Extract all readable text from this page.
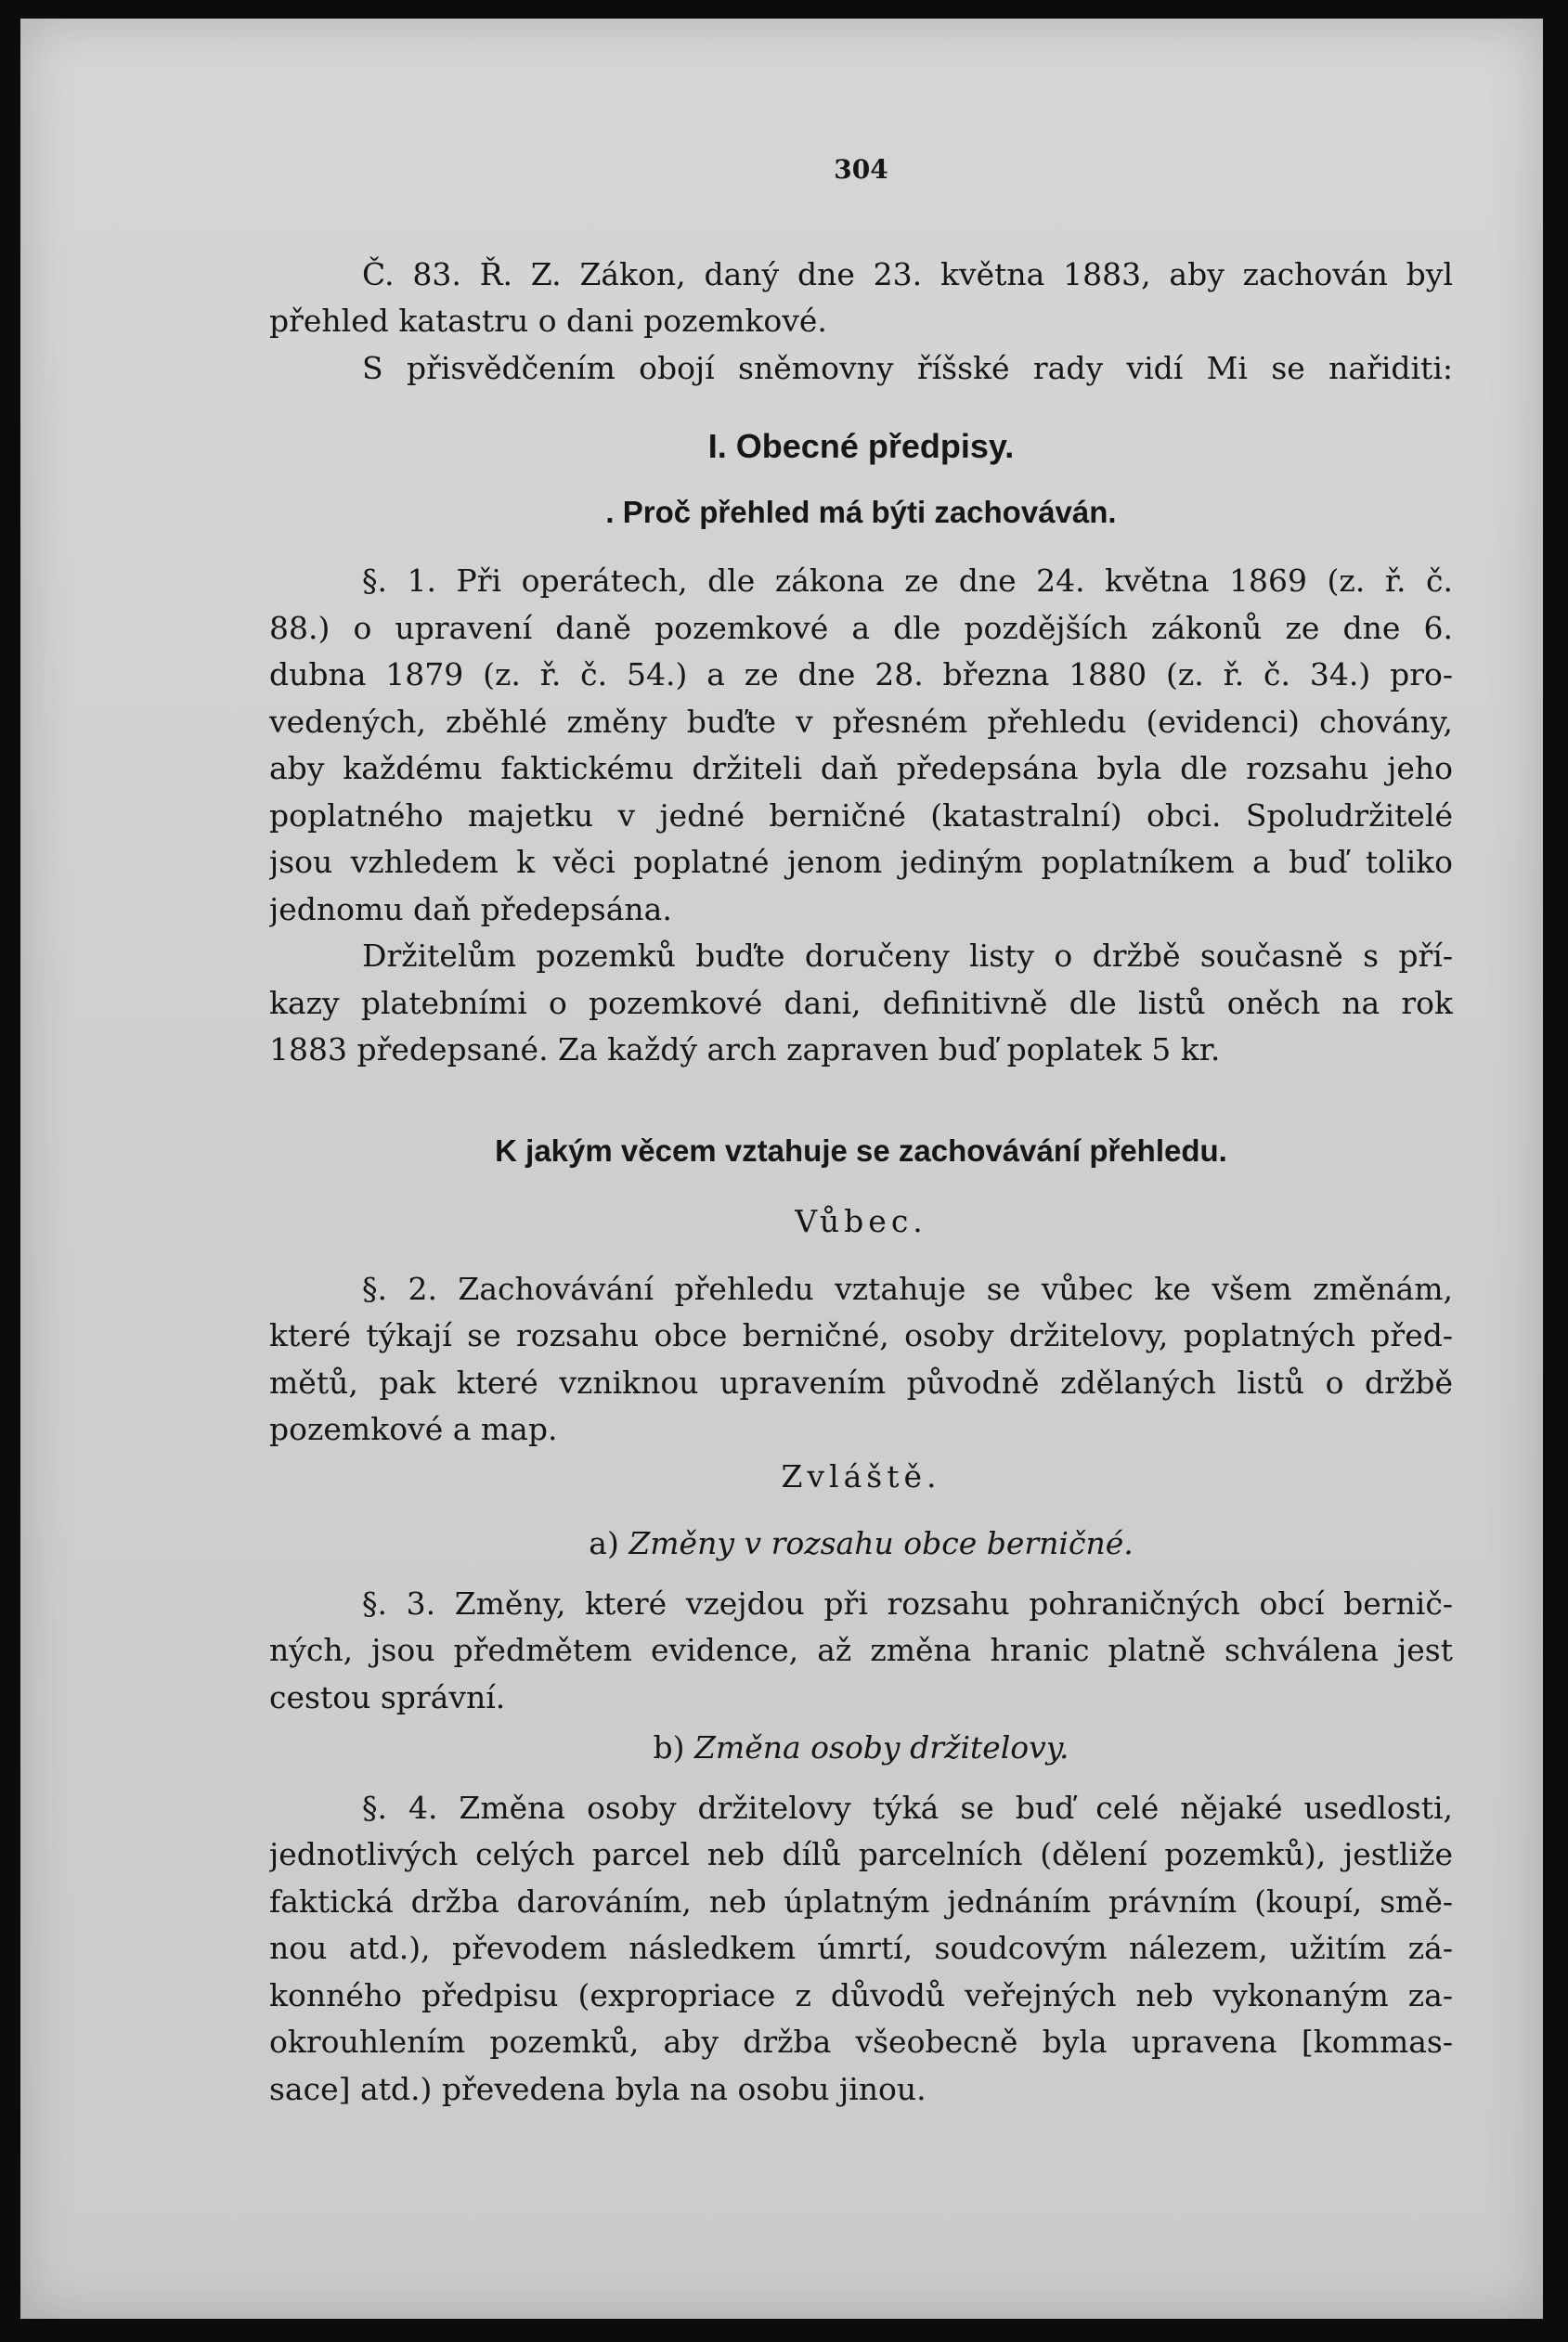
304
Č. 83. Ř. Z. Zákon, daný dne 23. května 1883, aby zachován byl
přehled katastru o dani pozemkové.
S přisvědčením obojí sněmovny říšské rady vidí Mi se nařiditi:
I. Obecné předpisy.
. Proč přehled má býti zachováván.
§. 1. Při operátech, dle zákona ze dne 24. května 1869 (z. ř. č.
88.) o upravení daně pozemkové a dle pozdějších zákonů ze dne 6.
dubna 1879 (z. ř. č. 54.) a ze dne 28. března 1880 (z. ř. č. 34.) pro-
vedených, zběhlé změny buďte v přesném přehledu (evidenci) chovány,
aby každému faktickému držiteli daň předepsána byla dle rozsahu jeho
poplatného majetku v jedné berničné (katastralní) obci. Spoludržitelé
jsou vzhledem k věci poplatné jenom jediným poplatníkem a buď toliko
jednomu daň předepsána.
Držitelům pozemků buďte doručeny listy o držbě současně s pří-
kazy platebními o pozemkové dani, definitivně dle listů oněch na rok
1883 předepsané. Za každý arch zapraven buď poplatek 5 kr.
K jakým věcem vztahuje se zachovávání přehledu.
Vůbec.
§. 2. Zachovávání přehledu vztahuje se vůbec ke všem změnám,
které týkají se rozsahu obce berničné, osoby držitelovy, poplatných před-
mětů, pak které vzniknou upravením původně zdělaných listů o držbě
pozemkové a map.
Zvláště.
a) Změny v rozsahu obce berničné.
§. 3. Změny, které vzejdou při rozsahu pohraničných obcí bernič-
ných, jsou předmětem evidence, až změna hranic platně schválena jest
cestou správní.
b) Změna osoby držitelovy.
§. 4. Změna osoby držitelovy týká se buď celé nějaké usedlosti,
jednotlivých celých parcel neb dílů parcelních (dělení pozemků), jestliže
faktická držba darováním, neb úplatným jednáním právním (koupí, smě-
nou atd.), převodem následkem úmrtí, soudcovým nálezem, užitím zá-
konného předpisu (expropriace z důvodů veřejných neb vykonaným za-
okrouhlením pozemků, aby držba všeobecně byla upravena [kommas-
sace] atd.) převedena byla na osobu jinou.
